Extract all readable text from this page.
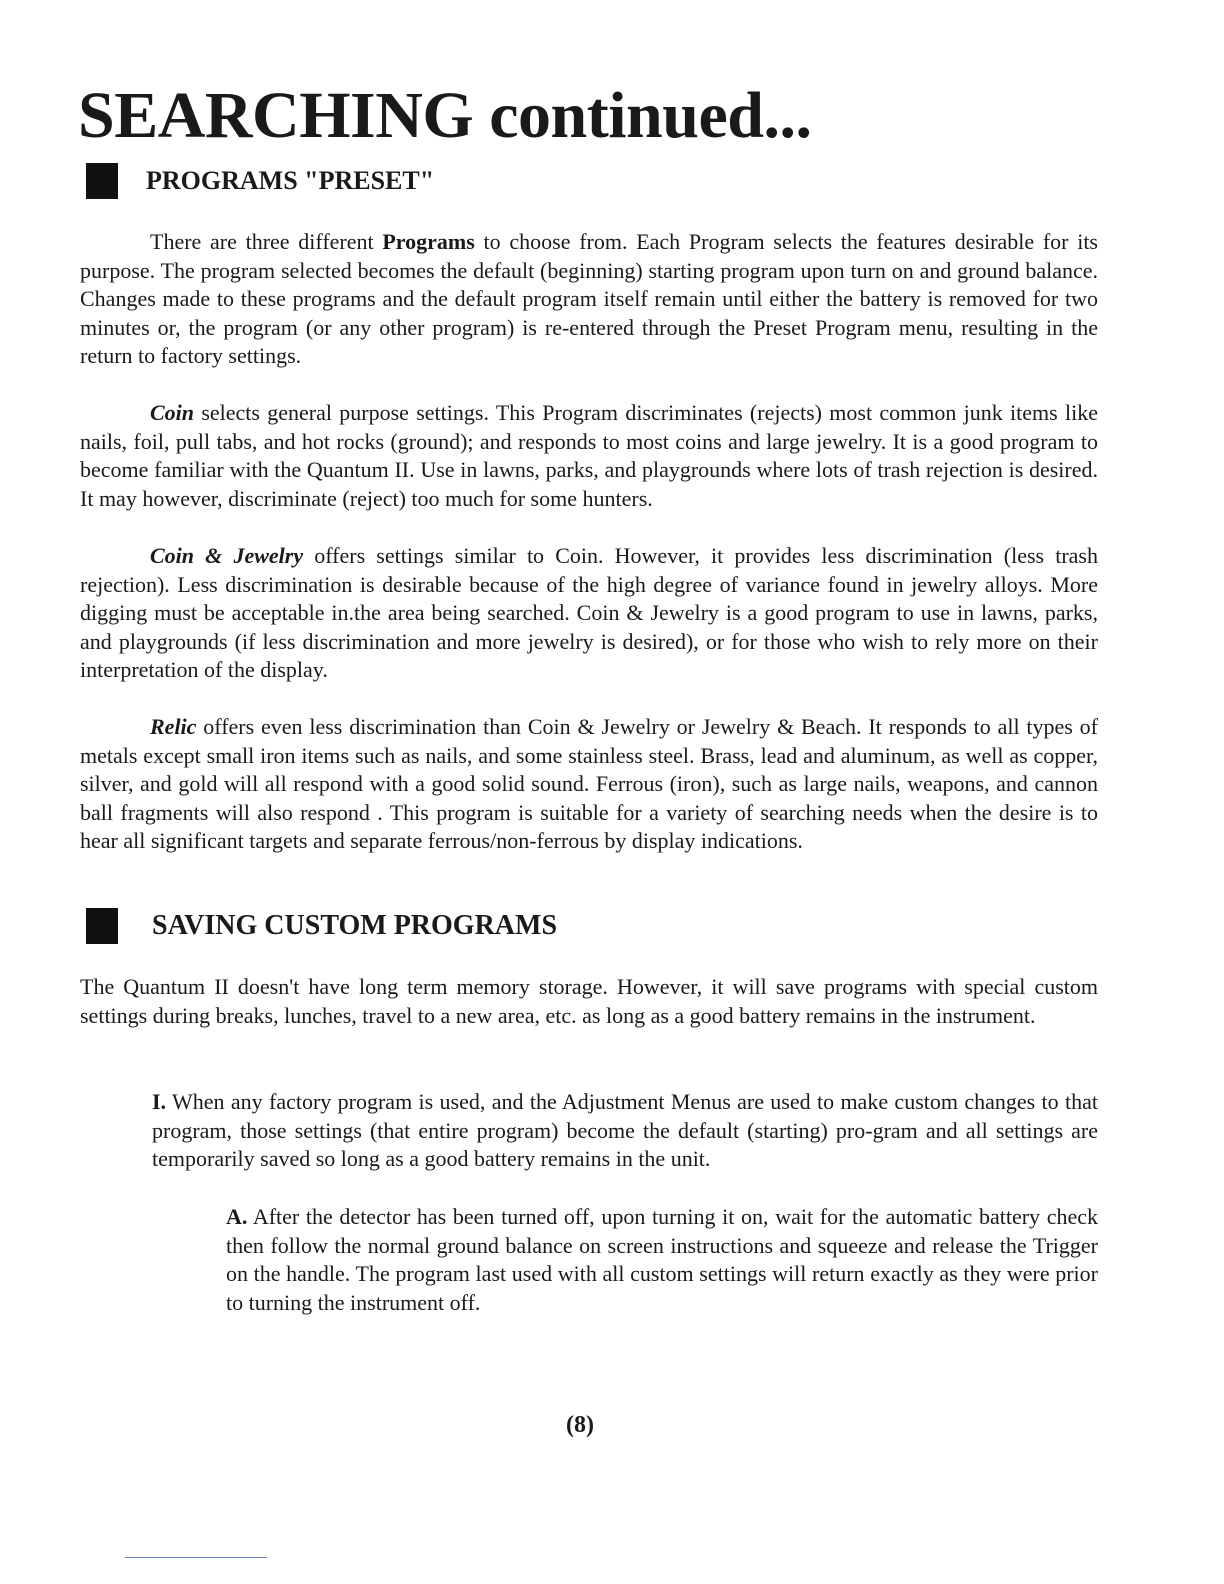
SEARCHING continued...
PROGRAMS "PRESET"

There are three different Programs to choose from. Each Program selects the features desirable for its purpose. The program selected becomes the default (beginning) starting program upon turn on and ground balance. Changes made to these programs and the default program itself remain until either the battery is removed for two minutes or, the program (or any other program) is re-entered through the Preset Program menu, resulting in the return to factory settings.

Coin selects general purpose settings. This Program discriminates (rejects) most common junk items like nails, foil, pull tabs, and hot rocks (ground); and responds to most coins and large jewelry. It is a good program to become familiar with the Quantum II. Use in lawns, parks, and playgrounds where lots of trash rejection is desired. It may however, discriminate (reject) too much for some hunters.

Coin & Jewelry offers settings similar to Coin. However, it provides less discrimination (less trash rejection). Less discrimination is desirable because of the high degree of variance found in jewelry alloys. More digging must be acceptable in.the area being searched. Coin & Jewelry is a good program to use in lawns, parks, and playgrounds (if less discrimination and more jewelry is desired), or for those who wish to rely more on their interpretation of the display.

Relic offers even less discrimination than Coin & Jewelry or Jewelry & Beach. It responds to all types of metals except small iron items such as nails, and some stainless steel. Brass, lead and aluminum, as well as copper, silver, and gold will all respond with a good solid sound. Ferrous (iron), such as large nails, weapons, and cannon ball fragments will also respond . This program is suitable for a variety of searching needs when the desire is to hear all significant targets and separate ferrous/non-ferrous by display indications.

SAVING CUSTOM PROGRAMS

The Quantum II doesn't have long term memory storage. However, it will save programs with special custom settings during breaks, lunches, travel to a new area, etc. as long as a good battery remains in the instrument.

I. When any factory program is used, and the Adjustment Menus are used to make custom changes to that program, those settings (that entire program) become the default (starting) pro-gram and all settings are temporarily saved so long as a good battery remains in the unit.

A. After the detector has been turned off, upon turning it on, wait for the automatic battery check then follow the normal ground balance on screen instructions and squeeze and release the Trigger on the handle. The program last used with all custom settings will return exactly as they were prior to turning the instrument off.

(8)
